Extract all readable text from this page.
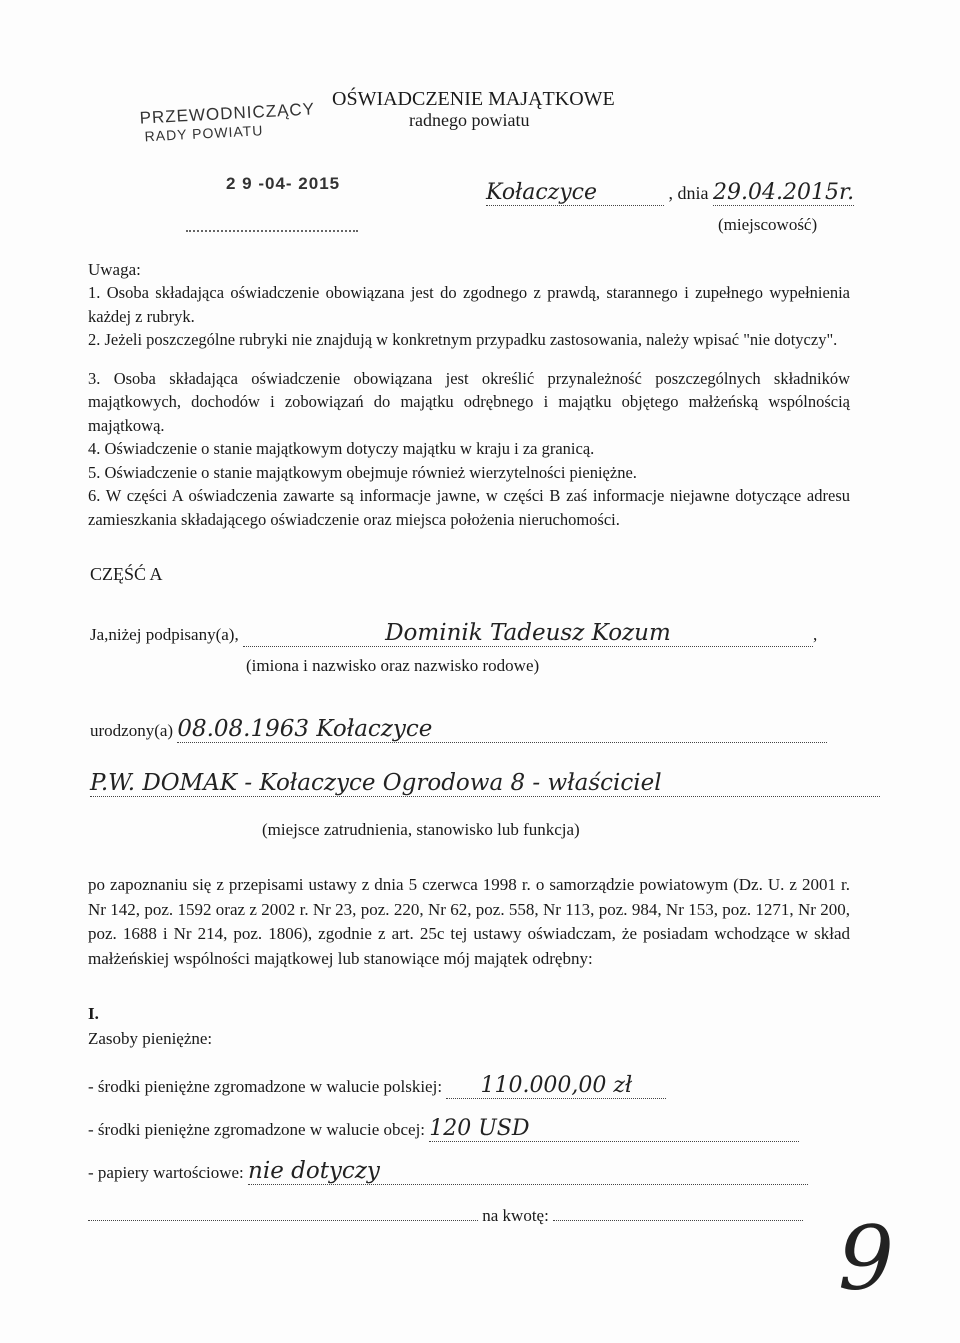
OŚWIADCZENIE MAJĄTKOWE
radnego powiatu
PRZEWODNICZĄCY
RADY POWIATU
2 9 -04- 2015	Kołaczyce	, dnia 29.04.2015r.
(miejscowość)
Uwaga:
1. Osoba składająca oświadczenie obowiązana jest do zgodnego z prawdą, starannego i zupełnego wypełnienia każdej z rubryk.
2. Jeżeli poszczególne rubryki nie znajdują w konkretnym przypadku zastosowania, należy wpisać "nie dotyczy".
3. Osoba składająca oświadczenie obowiązana jest określić przynależność poszczególnych składników majątkowych, dochodów i zobowiązań do majątku odrębnego i majątku objętego małżeńską wspólnością majątkową.
4. Oświadczenie o stanie majątkowym dotyczy majątku w kraju i za granicą.
5. Oświadczenie o stanie majątkowym obejmuje również wierzytelności pieniężne.
6. W części A oświadczenia zawarte są informacje jawne, w części B zaś informacje niejawne dotyczące adresu zamieszkania składającego oświadczenie oraz miejsca położenia nieruchomości.
CZĘŚĆ A
Ja,niżej podpisany(a),	Dominik Tadeusz Kozum	,
(imiona i nazwisko oraz nazwisko rodowe)
urodzony(a) 08.08.1963 Kołaczyce
P.W. DOMAK - Kołaczyce Ogrodowa 8 - właściciel
(miejsce zatrudnienia, stanowisko lub funkcja)
po zapoznaniu się z przepisami ustawy z dnia 5 czerwca 1998 r. o samorządzie powiatowym (Dz. U. z 2001 r. Nr 142, poz. 1592 oraz z 2002 r. Nr 23, poz. 220, Nr 62, poz. 558, Nr 113, poz. 984, Nr 153, poz. 1271, Nr 200, poz. 1688 i Nr 214, poz. 1806), zgodnie z art. 25c tej ustawy oświadczam, że posiadam wchodzące w skład małżeńskiej wspólności majątkowej lub stanowiące mój majątek odrębny:
I.
Zasoby pieniężne:
- środki pieniężne zgromadzone w walucie polskiej: 110.000,00 zł
- środki pieniężne zgromadzone w walucie obcej: 120 USD
- papiery wartościowe: nie dotyczy
na kwotę:	9
